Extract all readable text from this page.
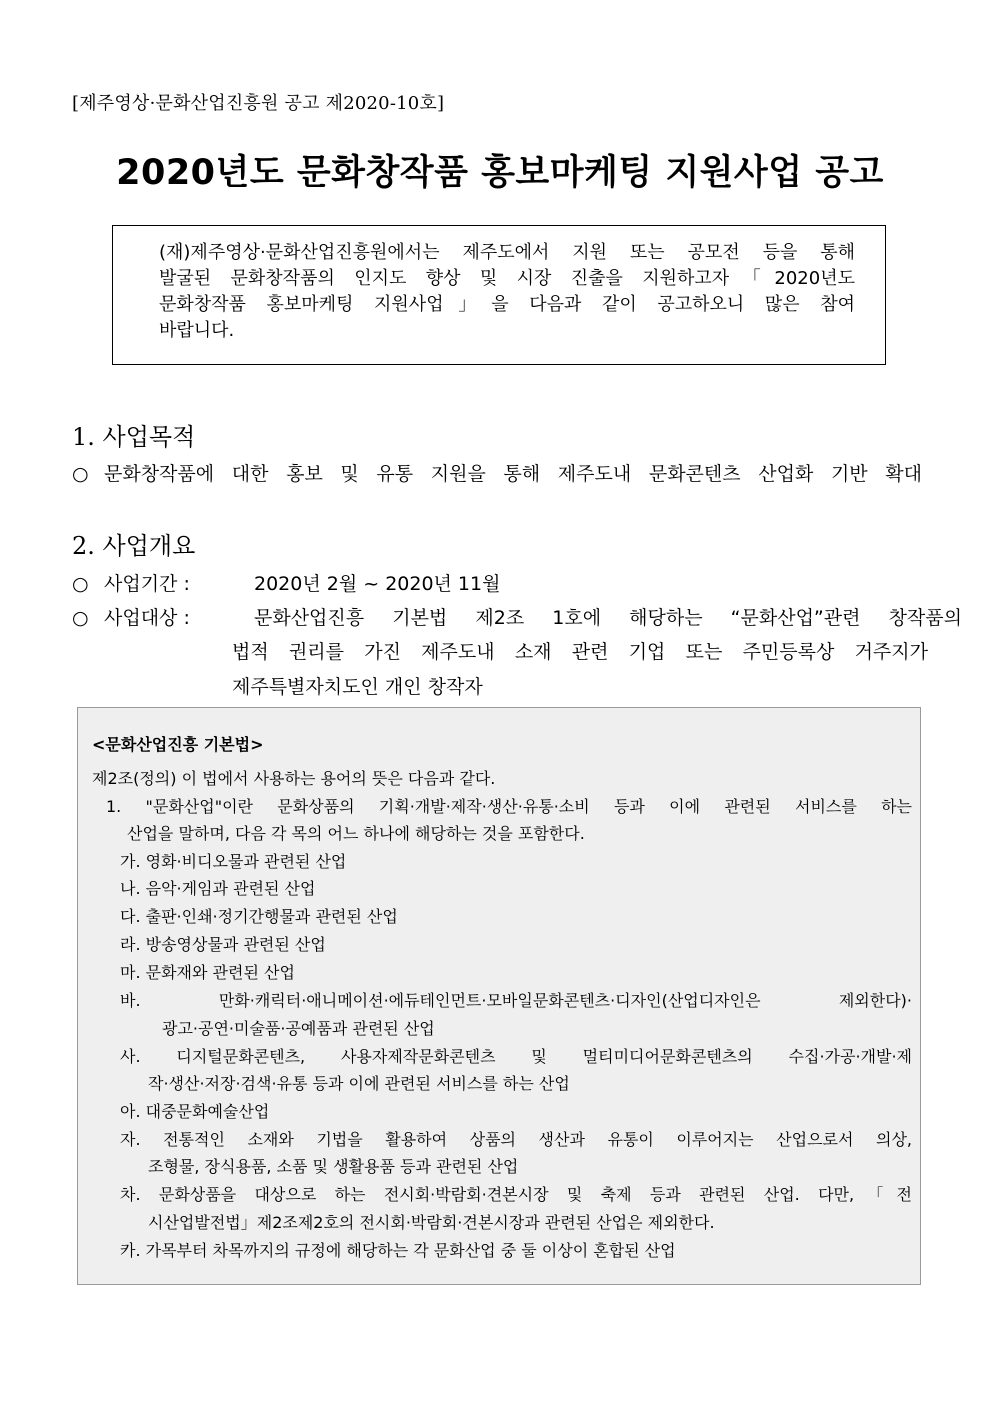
[제주영상·문화산업진흥원 공고 제2020-10호]
2020년도 문화창작품 홍보마케팅 지원사업 공고
(재)제주영상·문화산업진흥원에서는 제주도에서 지원 또는 공모전 등을 통해
발굴된 문화창작품의 인지도 향상 및 시장 진출을 지원하고자「2020년도
문화창작품 홍보마케팅 지원사업」을 다음과 같이 공고하오니 많은 참여
바랍니다.
1. 사업목적
○ 문화창작품에 대한 홍보 및 유통 지원을 통해 제주도내 문화콘텐츠 산업화 기반 확대
2. 사업개요
○ 사업기간 :	2020년 2월 ~ 2020년 11월
○ 사업대상 :	문화산업진흥 기본법 제2조 1호에 해당하는 “문화산업”관련 창작품의
법적 권리를 가진 제주도내 소재 관련 기업 또는 주민등록상 거주지가
제주특별자치도인 개인 창작자
<문화산업진흥 기본법>
제2조(정의) 이 법에서 사용하는 용어의 뜻은 다음과 같다.
1. "문화산업"이란 문화상품의 기획·개발·제작·생산·유통·소비 등과 이에 관련된 서비스를 하는
산업을 말하며, 다음 각 목의 어느 하나에 해당하는 것을 포함한다.
가. 영화·비디오물과 관련된 산업
나. 음악·게임과 관련된 산업
다. 출판·인쇄·정기간행물과 관련된 산업
라. 방송영상물과 관련된 산업
마. 문화재와 관련된 산업
바. 만화·캐릭터·애니메이션·에듀테인먼트·모바일문화콘텐츠·디자인(산업디자인은 제외한다)·
광고·공연·미술품·공예품과 관련된 산업
사. 디지털문화콘텐츠, 사용자제작문화콘텐츠 및 멀티미디어문화콘텐츠의 수집·가공·개발·제
작·생산·저장·검색·유통 등과 이에 관련된 서비스를 하는 산업
아. 대중문화예술산업
자. 전통적인 소재와 기법을 활용하여 상품의 생산과 유통이 이루어지는 산업으로서 의상,
조형물, 장식용품, 소품 및 생활용품 등과 관련된 산업
차. 문화상품을 대상으로 하는 전시회·박람회·견본시장 및 축제 등과 관련된 산업. 다만,「전
시산업발전법」제2조제2호의 전시회·박람회·견본시장과 관련된 산업은 제외한다.
카. 가목부터 차목까지의 규정에 해당하는 각 문화산업 중 둘 이상이 혼합된 산업
